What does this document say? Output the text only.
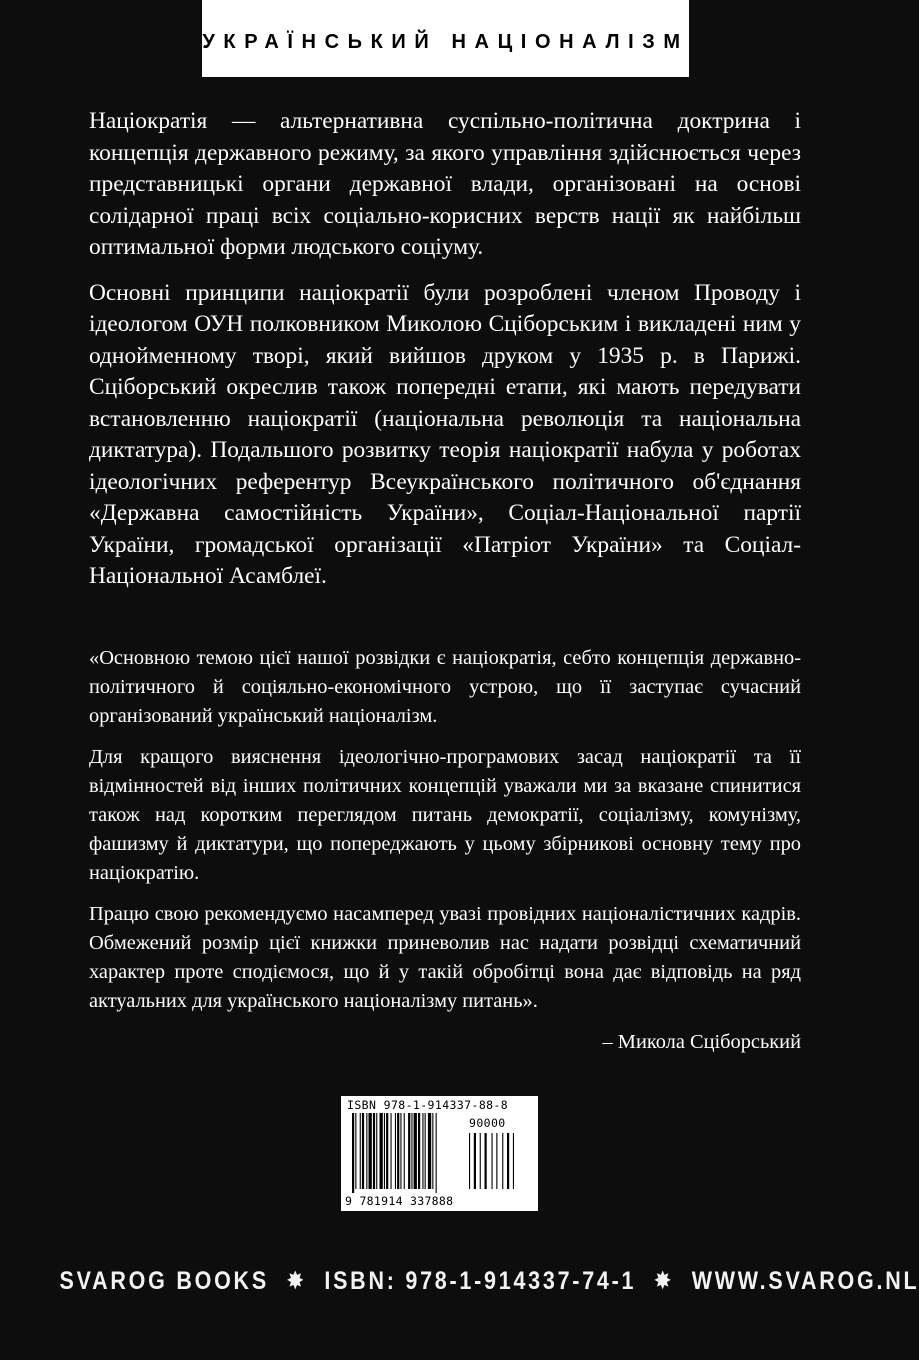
УКРАЇНСЬКИЙ НАЦІОНАЛІЗМ

Націократія — альтернативна суспільно-політична доктрина і концепція державного режиму, за якого управління здійснюється через представницькі органи державної влади, організовані на основі солідарної праці всіх соціально-корисних верств нації як найбільш оптимальної форми людського соціуму.

Основні принципи націократії були розроблені членом Проводу і ідеологом ОУН полковником Миколою Сціборським і викладені ним у однойменному творі, який вийшов друком у 1935 р. в Парижі. Сціборський окреслив також попередні етапи, які мають передувати встановленню націократії (національна революція та національна диктатура). Подальшого розвитку теорія націократії набула у роботах ідеологічних референтур Всеукраїнського політичного об'єднання «Державна самостійність України», Соціал-Національної партії України, громадської організації «Патріот України» та Соціал-Національної Асамблеї.

«Основною темою цієї нашої розвідки є націократія, себто концепція державно-політичного й соціяльно-економічного устрою, що її заступає сучасний організований український націоналізм.

Для кращого вияснення ідеологічно-програмових засад націократії та її відмінностей від інших політичних концепцій уважали ми за вказане спинитися також над коротким переглядом питань демократії, соціалізму, комунізму, фашизму й диктатури, що попереджають у цьому збірникові основну тему про націократію.

Працю свою рекомендуємо насамперед увазі провідних націоналістичних кадрів. Обмежений розмір цієї книжки приневолив нас надати розвідці схематичний характер проте сподіємося, що й у такій обробітці вона дає відповідь на ряд актуальних для українського націоналізму питань».

– Микола Сціборський

ISBN 978-1-914337-88-8
90000
9 781914 337888
SVAROG BOOKS ✸ ISBN: 978-1-914337-74-1 ✸ WWW.SVAROG.NL
